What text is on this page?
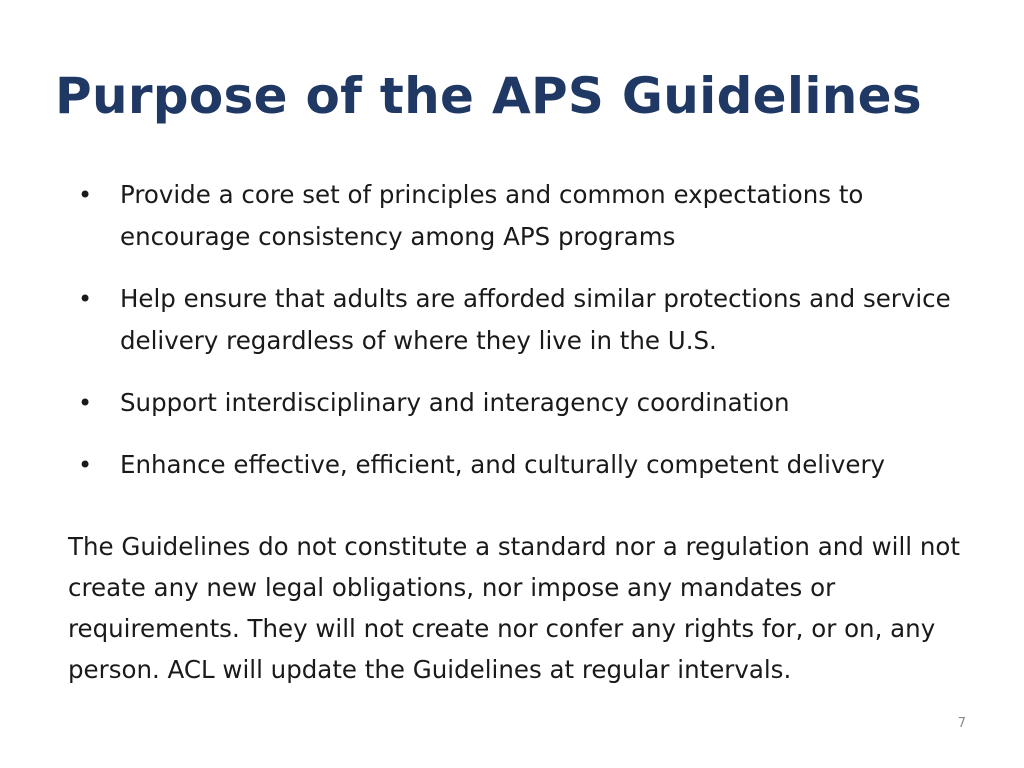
Purpose of the APS Guidelines
•	Provide a core set of principles and common expectations to encourage consistency among APS programs
•	Help ensure that adults are afforded similar protections and service delivery regardless of where they live in the U.S.
•	Support interdisciplinary and interagency coordination
•	Enhance effective, efficient, and culturally competent delivery

The Guidelines do not constitute a standard nor a regulation and will not create any new legal obligations, nor impose any mandates or requirements. They will not create nor confer any rights for, or on, any person. ACL will update the Guidelines at regular intervals.

7
